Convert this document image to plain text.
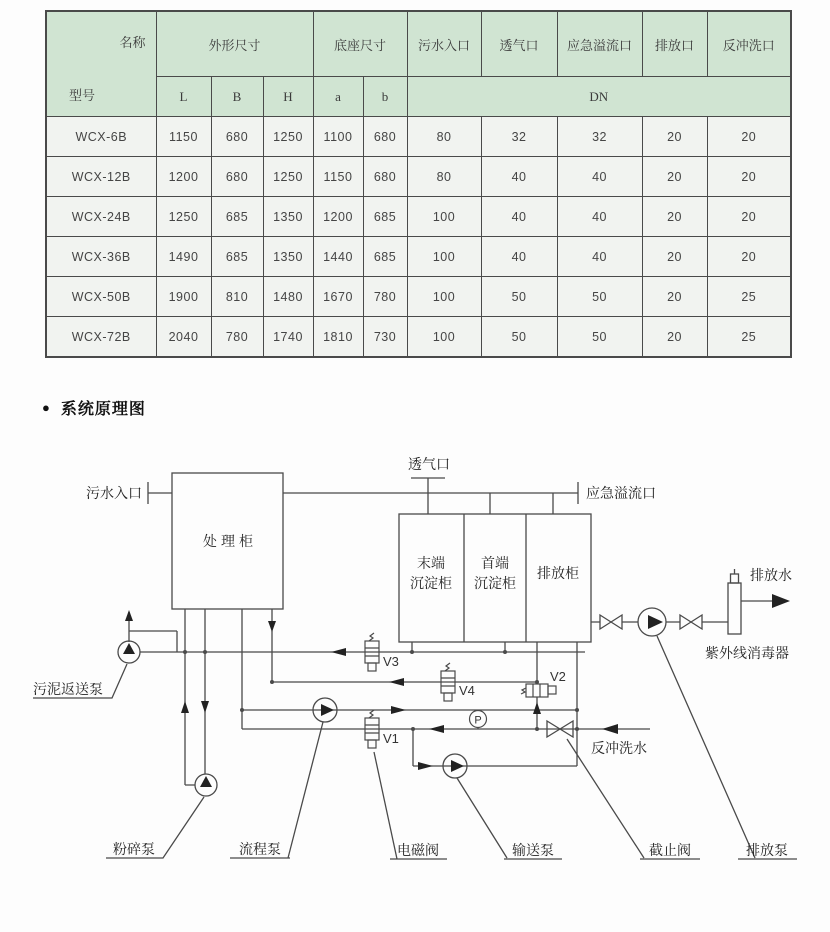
名称
型号	外形尺寸			底座尺寸		污水入口	透气口	应急溢流口	排放口	反冲洗口
	L	B	H	a	b	DN				
WCX-6B	1150	680	1250	1100	680	80	32	32	20	20
WCX-12B	1200	680	1250	1150	680	80	40	40	20	20
WCX-24B	1250	685	1350	1200	685	100	40	40	20	20
WCX-36B	1490	685	1350	1440	685	100	40	40	20	20
WCX-50B	1900	810	1480	1670	780	100	50	50	20	25
WCX-72B	2040	780	1740	1810	730	100	50	50	20	25
● 系统原理图
P
污水入口
透气口
应急溢流口
处理柜
末端
沉淀柜
首端
沉淀柜
排放柜	排放水
紫外线消毒器
污泥返送泵
反冲洗水
粉碎泵	流程泵	电磁阀	输送泵	截止阀	排放泵
V3
V4
V1
V2
